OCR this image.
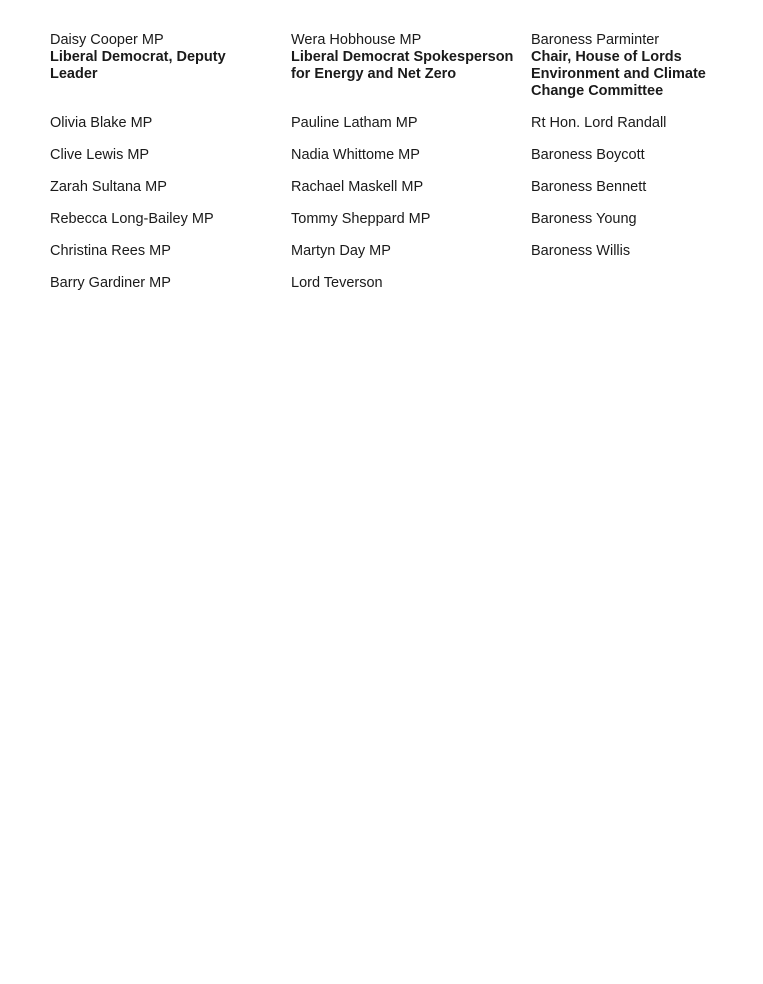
Daisy Cooper MP
Liberal Democrat, Deputy
Leader
Olivia Blake MP
Clive Lewis MP
Zarah Sultana MP
Rebecca Long-Bailey MP
Christina Rees MP
Barry Gardiner MP
Wera Hobhouse MP
Liberal Democrat Spokesperson
for Energy and Net Zero
Pauline Latham MP
Nadia Whittome MP
Rachael Maskell MP
Tommy Sheppard MP
Martyn Day MP
Lord Teverson
Baroness Parminter
Chair, House of Lords
Environment and Climate
Change Committee
Rt Hon. Lord Randall
Baroness Boycott
Baroness Bennett
Baroness Young
Baroness Willis
